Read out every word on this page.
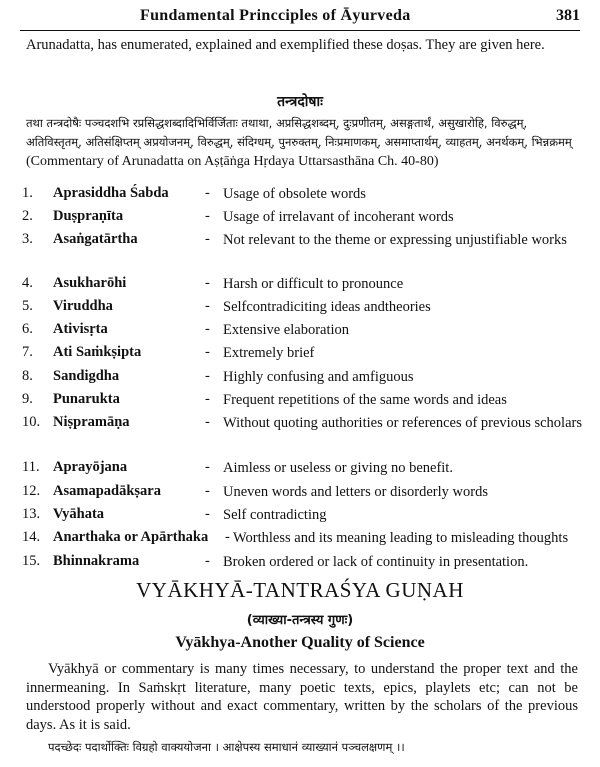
Fundamental Princciples of Āyurveda	381
Arunadatta, has enumerated, explained and exemplified these doṣas. They are given here.
तन्त्रदोषाः
तथा तन्त्रदोषैः पञ्चदशभि रप्रसिद्धशब्दादिभिर्विर्जिताः तथाथा, अप्रसिद्धशब्दम्, दुःप्रणीतम्, असङ्गतार्थं, असुखारोहि, विरुद्धम्, अतिविस्तृतम्, अतिसंक्षिप्तम् अप्रयोजनम्, विरुद्धम्, संदिग्धम्, पुनरुक्तम्, निःप्रमाणकम्, असमाप्तार्थम्, व्याहतम्, अनर्थकम्, भिन्नक्रमम् (Commentary of Arunadatta on Aṣṭāṅga Hṛdaya Uttarsasthāna Ch. 40-80)
1.	Aprasiddha Śabda	- Usage of obsolete words
2.	Duṣpraṇīta	- Usage of irrelavant of incoherant words
3.	Asaṅgatārtha	- Not relevant to the theme or expressing unjustifiable works
4.	Asukharōhi	- Harsh or difficult to pronounce
5.	Viruddha	- Selfcontradiciting ideas andtheories
6.	Ativisṛta	- Extensive elaboration
7.	Ati Saṁkṣipta	- Extremely brief
8.	Sandigdha	- Highly confusing and amfiguous
9.	Punarukta	- Frequent repetitions of the same words and ideas
10. Niṣpramāṇa	- Without quoting authorities or references of previous scholars
11. Aprayōjana	- Aimless or useless or giving no benefit.
12. Asamapadākṣara	- Uneven words and letters or disorderly words
13. Vyāhata	- Self contradicting
14. Anarthaka or Apārthaka - Worthless and its meaning leading to misleading thoughts
15. Bhinnakrama	- Broken ordered or lack of continuity in presentation.
VYĀKHYĀ-TANTRAŚYA GUṆAH
(व्याख्या-तन्त्रस्य गुणः)
Vyākhya-Another Quality of Science

Vyākhyā or commentary is many times necessary, to understand the proper text and the innermeaning. In Saṁskṛt literature, many poetic texts, epics, playlets etc; can not be understood properly without and exact commentary, written by the scholars of the previous days. As it is said.

पदच्छेदः पदार्थोक्तिः विग्रहो वाक्ययोजना । आक्षेपस्य समाधानं व्याख्यानं पञ्चलक्षणम् ।।
